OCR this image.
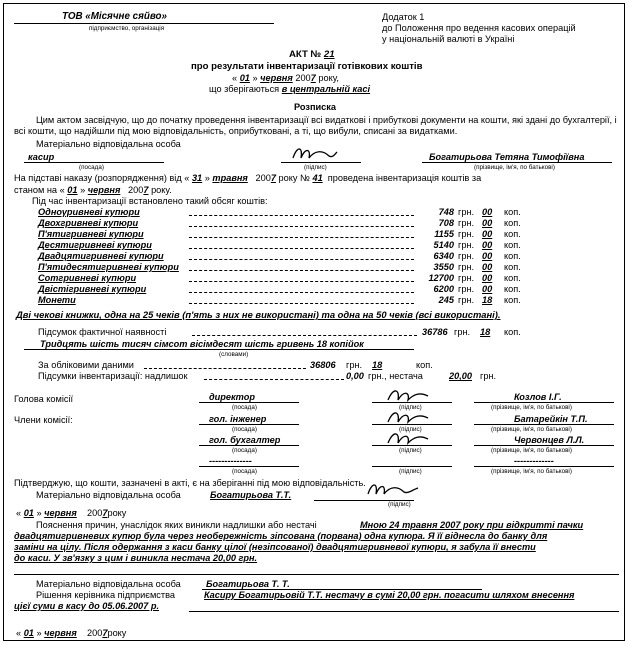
ТОВ «Місячне сяйво»
підприємство, організація
Додаток 1
до Положення про ведення касових операцій
у національній валюті в Україні
АКТ № 21
про результати інвентаризації готівкових коштів
« 01 » червня 2007 року,
що зберігаються в центральній касі
Розписка
Цим актом засвідчую, що до початку проведення інвентаризації всі видаткові і прибуткові документи на кошти, які здані до бухгалтерії, і всі кошти, що надійшли під мою відповідальність, оприбутковані, а ті, що вибули, списані за видатками.
Матеріально відповідальна особа
касир
(посада)	(підпис)
Богатирьова Тетяна Тимофіївна
(прізвище, ім'я, по батькові)
На підставі наказу (розпорядження) від « 31 » травня 2007 року № 41 проведена інвентаризація коштів за
станом на « 01 » червня 2007 року.
Під час інвентаризації встановлено такий обсяг коштів:
Однογривневі купюри	748 грн. 00 коп.
Двохгривневі купюри	708 грн. 00 коп.
П'ятигривневі купюри	1155 грн. 00 коп.
Десятигривневі купюри	5140 грн. 00 коп.
Двадцятигривневі купюри	6340 грн. 00 коп.
П'ятидесятигривневі купюри	3550 грн. 00 коп.
Сотгривневі купюри	12700 грн. 00 коп.
Двістігривневі купюри	6200 грн. 00 коп.
Монети	245 грн. 18 коп.
Дві чекові книжки, одна на 25 чеків (п'ять з них не використані) та одна на 50 чеків (всі використані).
Підсумок фактичної наявності	36786 грн. 18 коп.
Тридцять шість тисяч сімсот вісімдесят шість гривень 18 копійок
(словами)
За обліковими даними	36806 грн. 18	коп.
Підсумки інвентаризації: надлишок	0,00 грн., нестача	20,00 грн.
Голова комісії
Члени комісії:
директор
(посада)	(підпис)
Козлов І.Г.
(прізвище, ім'я, по батькові)
гол. інженер
(посада)	(підпис)
Батарейкін Т.П.
(прізвище, ім'я, по батькові)
гол. бухгалтер
(посада)	(підпис)
Червонцев Л.Л.
(прізвище, ім'я, по батькові)
--------------
(посада)	(підпис)
-------------
(прізвище, ім'я, по батькові)
Підтверджую, що кошти, зазначені в акті, є на зберіганні під мою відповідальність.
Матеріально відповідальна особа	Богатирьова Т.Т.
(підпис)
« 01 » червня 2007року
Пояснення причин, унаслідок яких виникли надлишки або нестачі	Мною 24 травня 2007 року при відкритті пачки
двадцятигривневих купюр була через необережність зіпсована (порвана) одна купюра. Я її віднесла до банку для
заміни на цілу. Після одержання з каси банку цілої (незіпсованої) двадцятигривневої купюри, я забула її внести
до каси. У зв'язку з цим і виникла нестача 20,00 грн.
Матеріально відповідальна особа	Богатирьова Т. Т.
Рішення керівника підприємства	Касиру Богатирьовій Т.Т. нестачу в сумі 20,00 грн. погасити шляхом внесення
цієї суми в касу до 05.06.2007 р.
« 01 » червня 2007року
